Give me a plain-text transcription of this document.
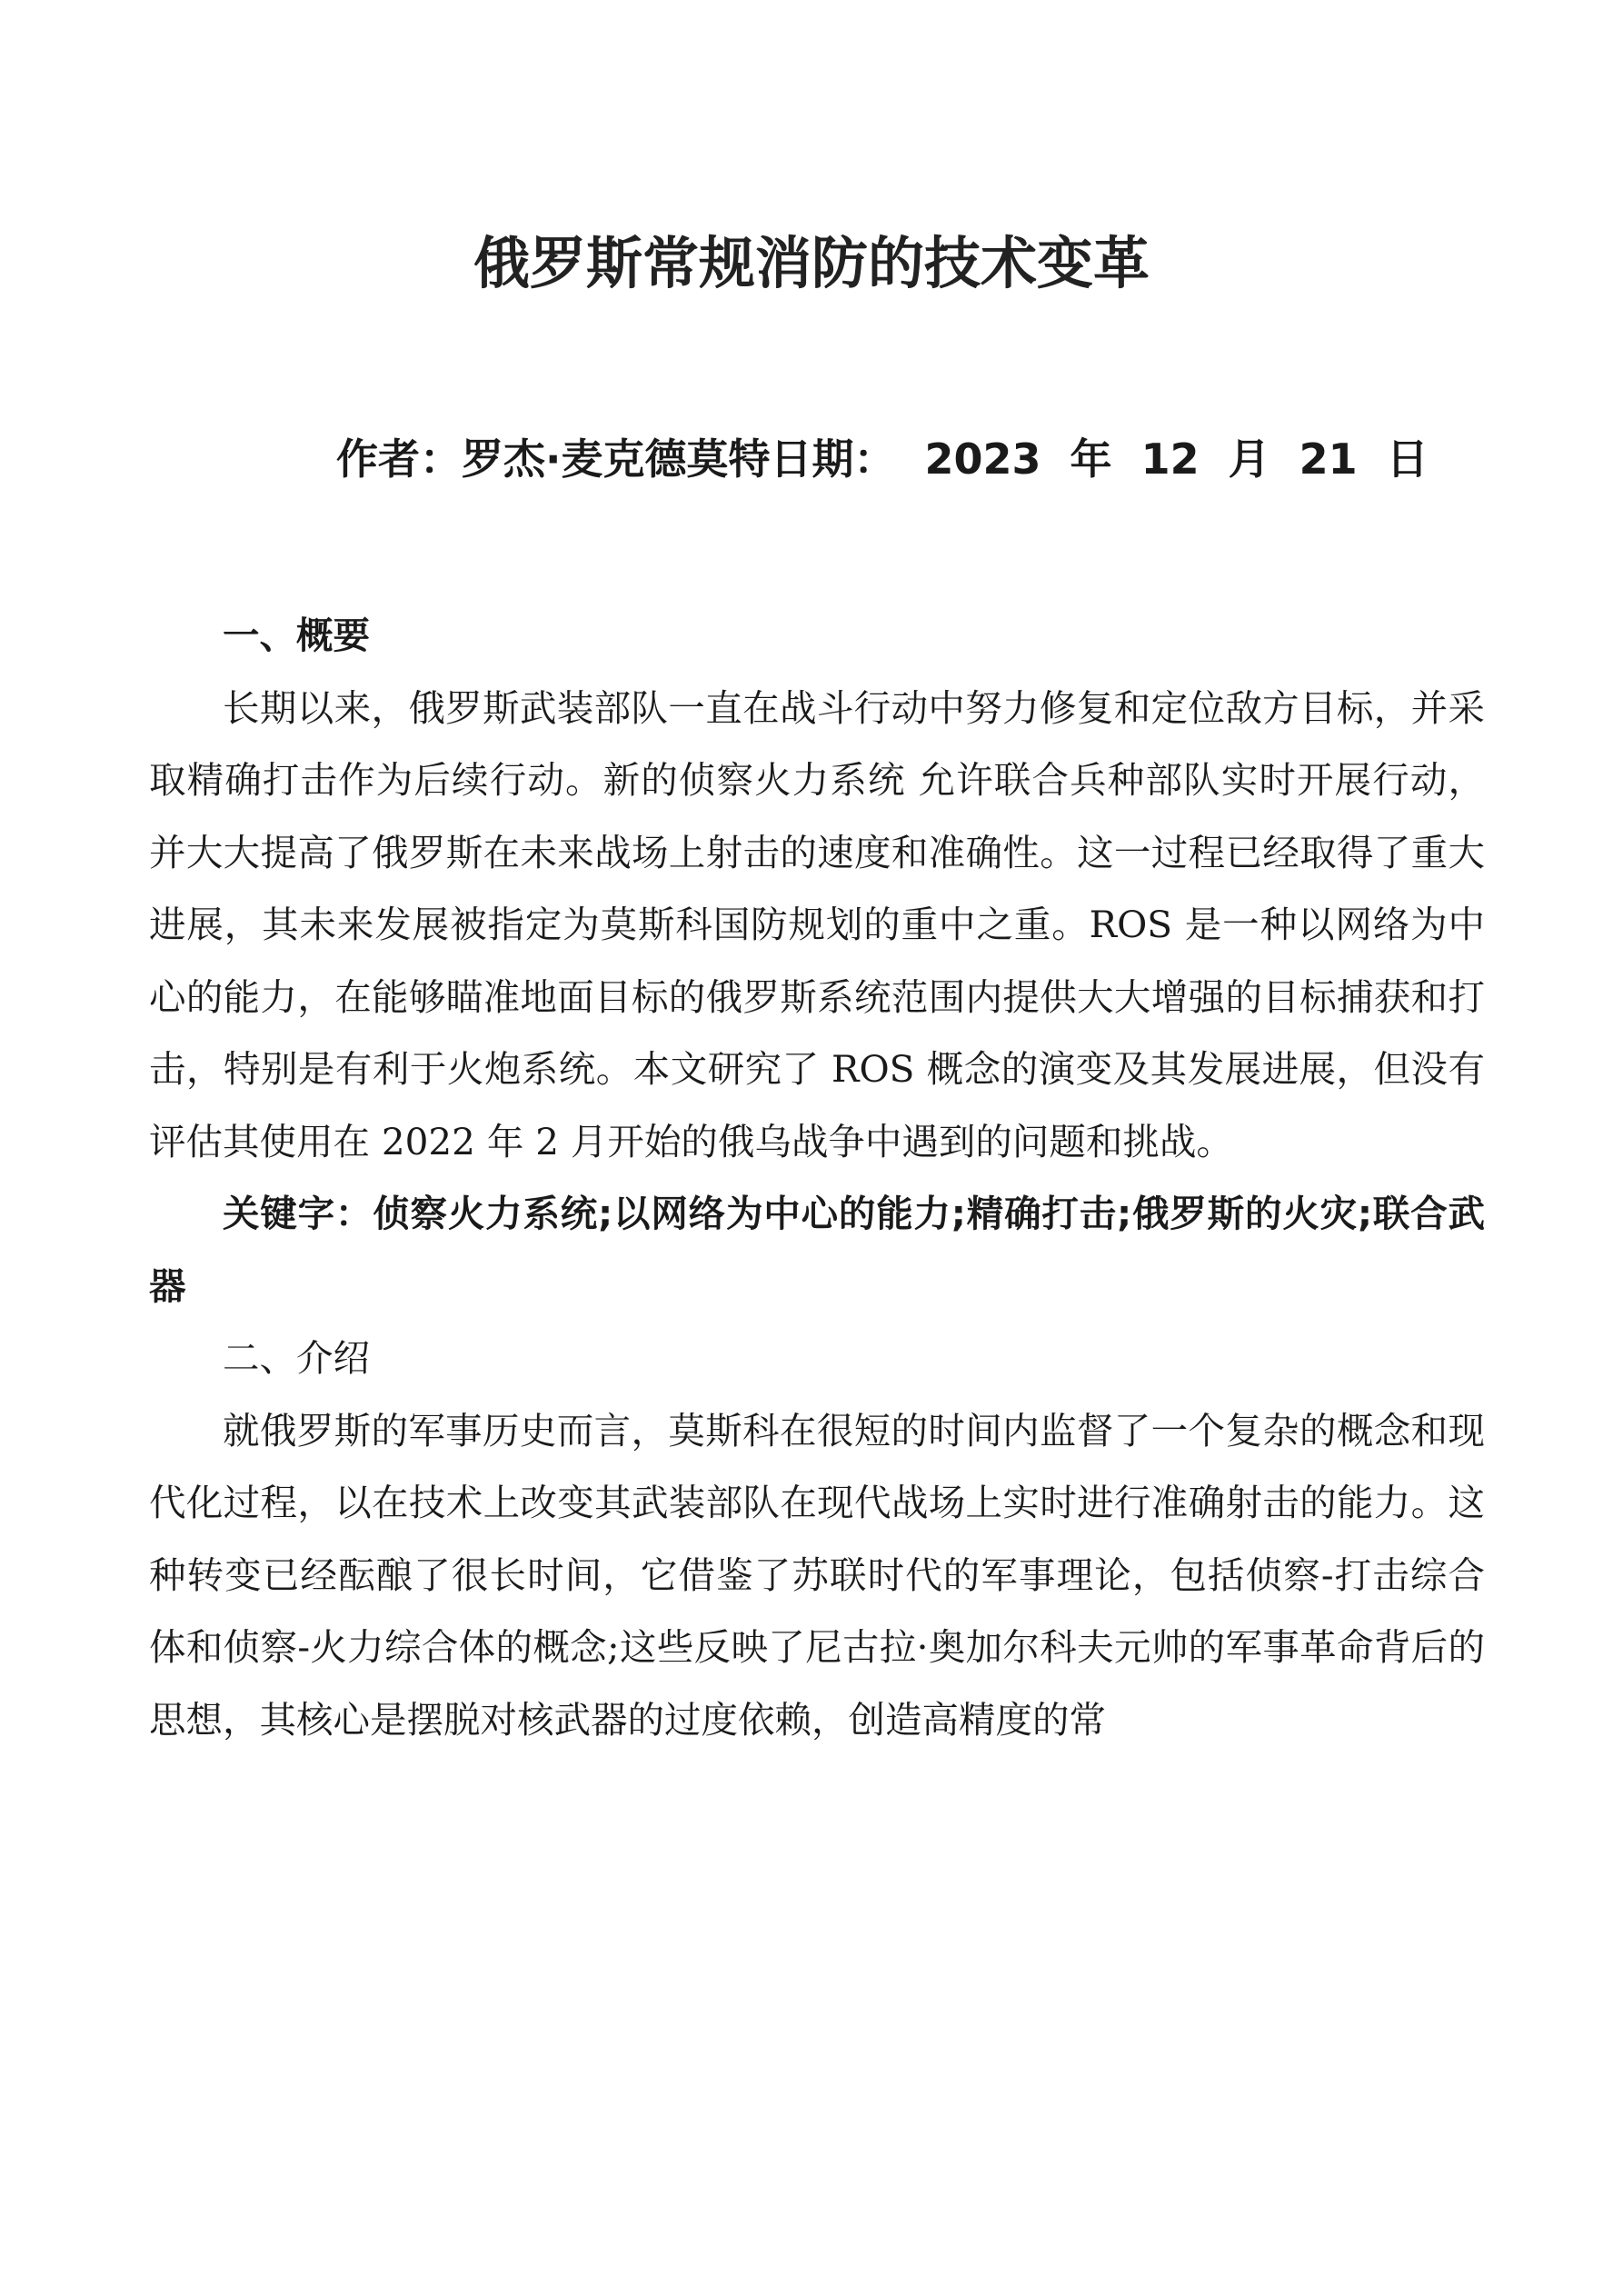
俄罗斯常规消防的技术变革
作者：罗杰·麦克德莫特日期：  2023  年  12  月  21  日

一、概要

长期以来，俄罗斯武装部队一直在战斗行动中努力修复和定位敌方目标，并采取精确打击作为后续行动。新的侦察火力系统 允许联合兵种部队实时开展行动，并大大提高了俄罗斯在未来战场上射击的速度和准确性。这一过程已经取得了重大进展，其未来发展被指定为莫斯科国防规划的重中之重。ROS 是一种以网络为中心的能力，在能够瞄准地面目标的俄罗斯系统范围内提供大大增强的目标捕获和打击，特别是有利于火炮系统。本文研究了 ROS 概念的演变及其发展进展，但没有评估其使用在 2022 年 2 月开始的俄乌战争中遇到的问题和挑战。

关键字：侦察火力系统;以网络为中心的能力;精确打击;俄罗斯的火灾;联合武器

二、介绍

就俄罗斯的军事历史而言，莫斯科在很短的时间内监督了一个复杂的概念和现代化过程，以在技术上改变其武装部队在现代战场上实时进行准确射击的能力。这种转变已经酝酿了很长时间，它借鉴了苏联时代的军事理论，包括侦察-打击综合体和侦察-火力综合体的概念;这些反映了尼古拉·奥加尔科夫元帅的军事革命背后的思想，其核心是摆脱对核武器的过度依赖，创造高精度的常
